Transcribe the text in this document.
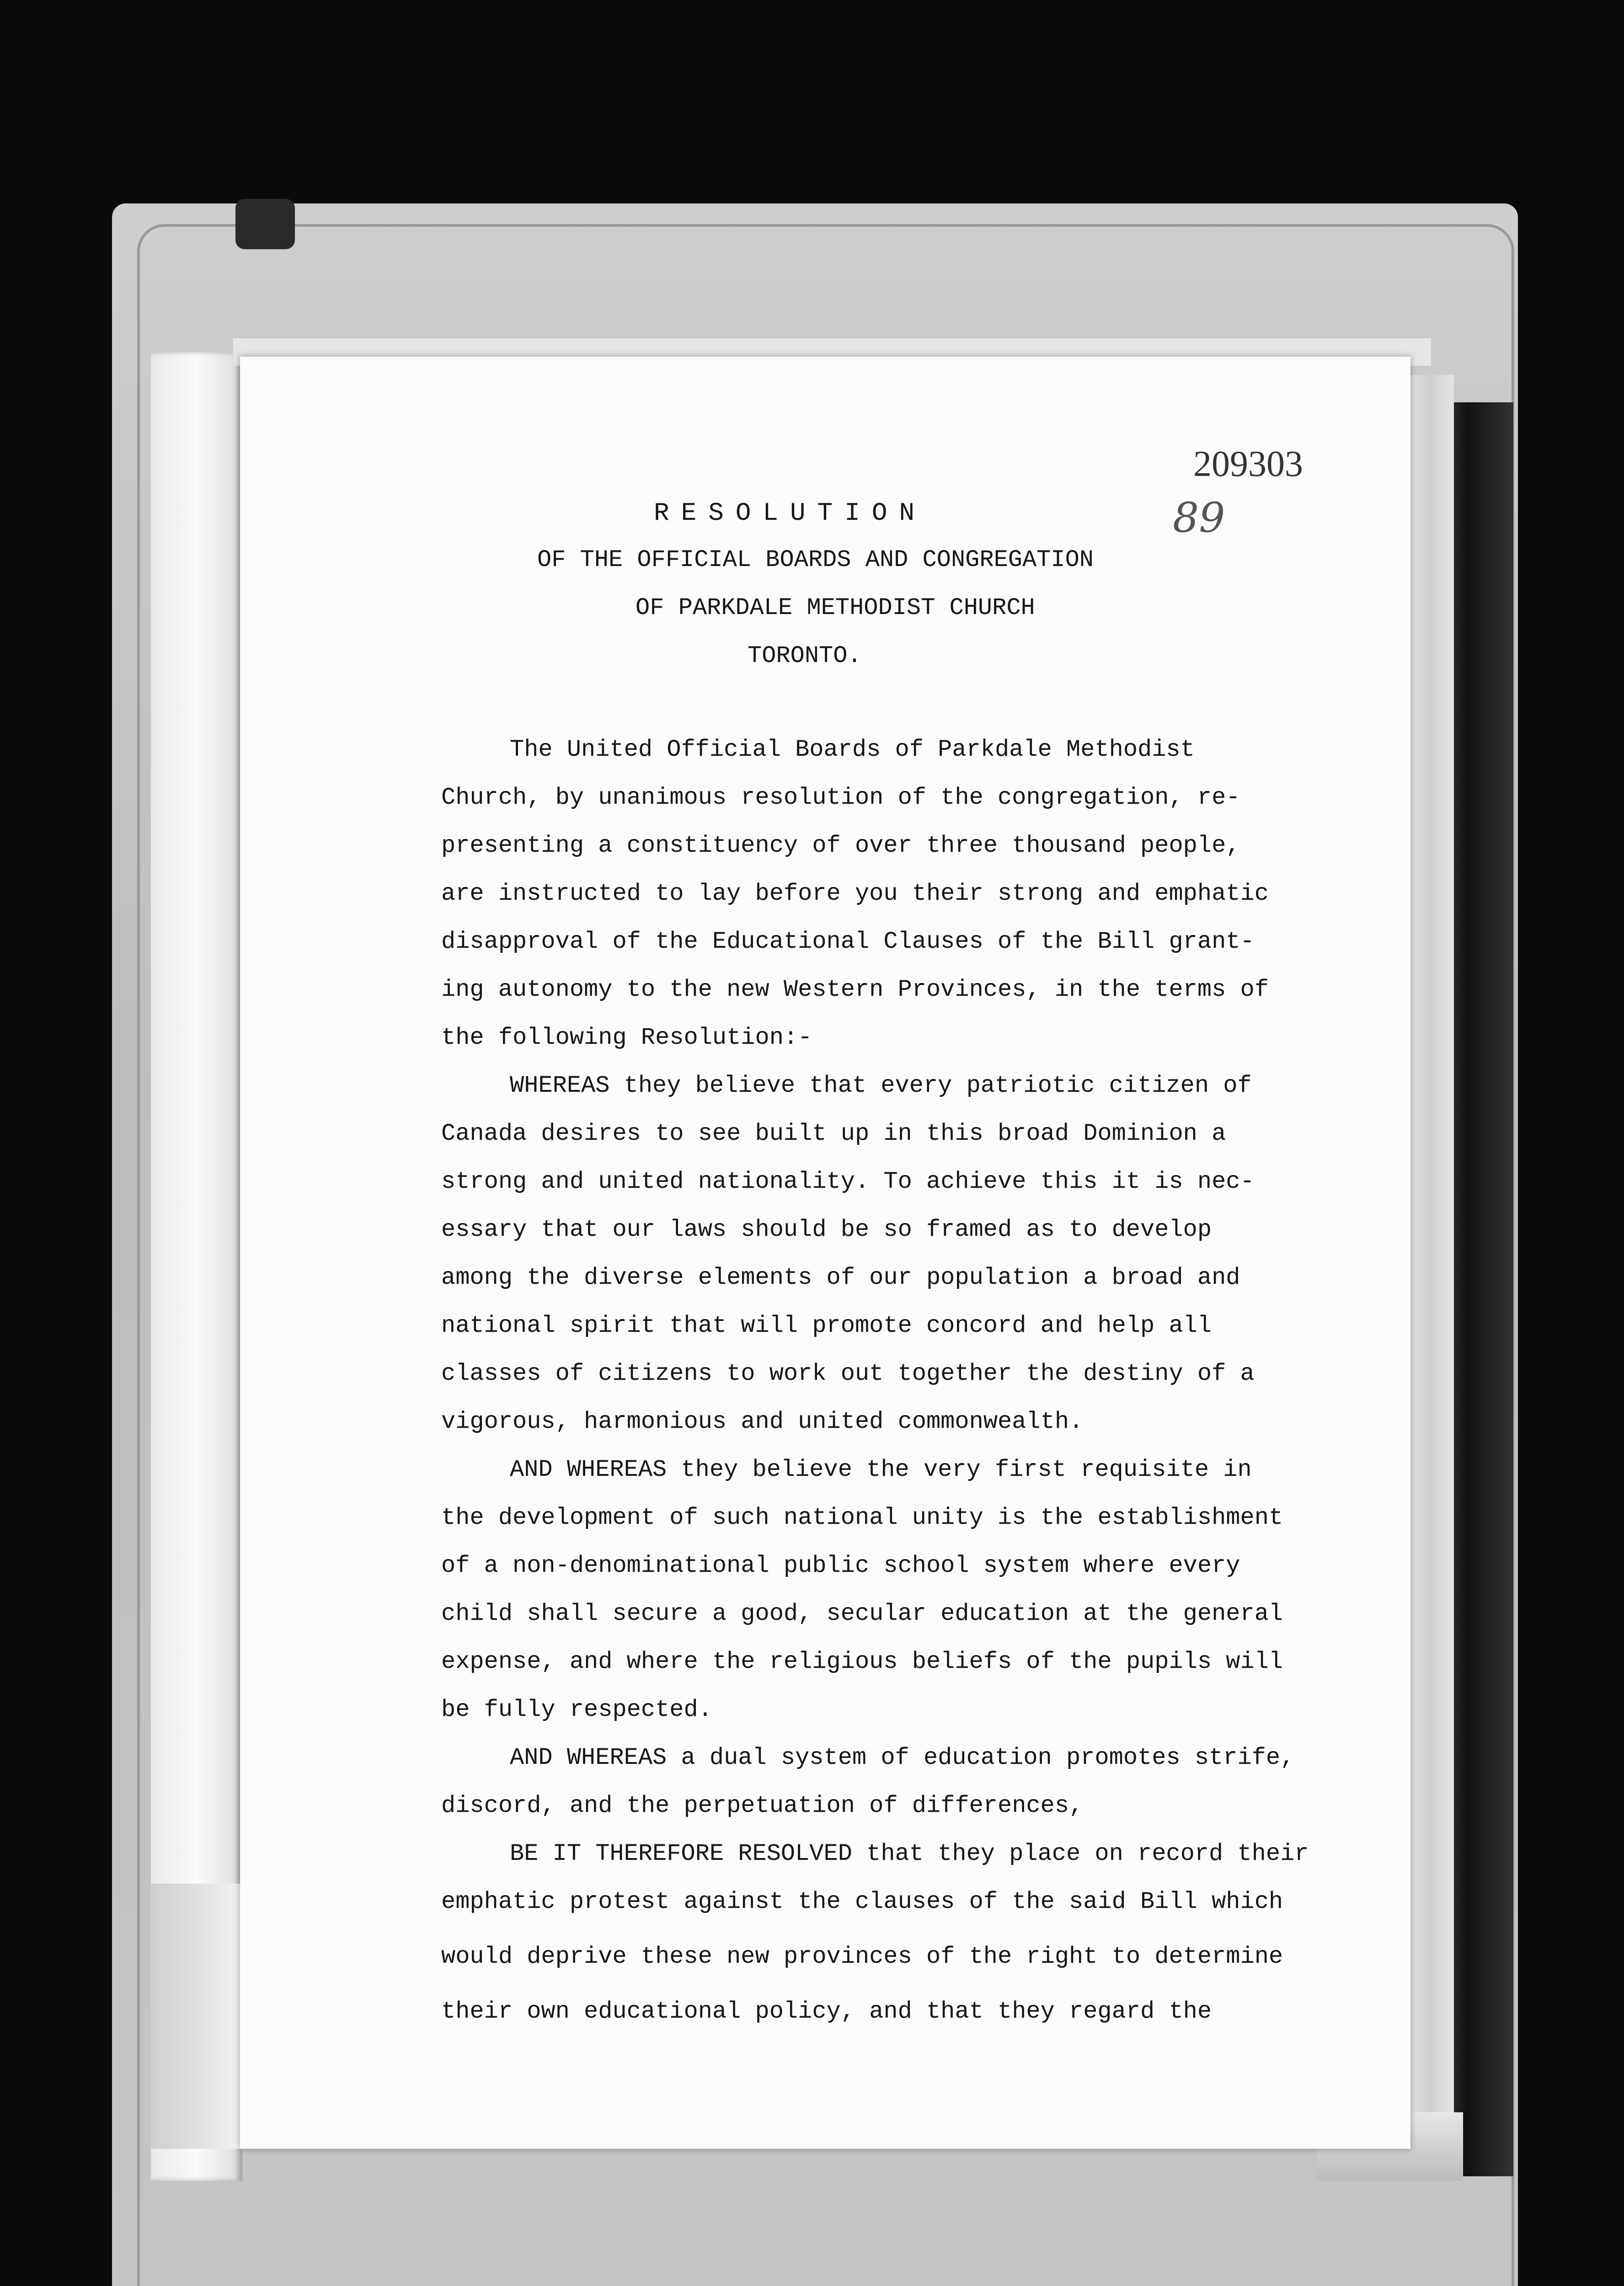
209303
89
RESOLUTION
OF THE OFFICIAL BOARDS AND CONGREGATION
OF PARKDALE METHODIST CHURCH
TORONTO.
The United Official Boards of Parkdale Methodist
Church, by unanimous resolution of the congregation, re-
presenting a constituency of over three thousand people,
are instructed to lay before you their strong and emphatic
disapproval of the Educational Clauses of the Bill grant-
ing autonomy to the new Western Provinces, in the terms of
the following Resolution:-
WHEREAS they believe that every patriotic citizen of
Canada desires to see built up in this broad Dominion a
strong and united nationality. To achieve this it is nec-
essary that our laws should be so framed as to develop
among the diverse elements of our population a broad and
national spirit that will promote concord and help all
classes of citizens to work out together the destiny of a
vigorous, harmonious and united commonwealth.
AND WHEREAS they believe the very first requisite in
the development of such national unity is the establishment
of a non-denominational public school system where every
child shall secure a good, secular education at the general
expense, and where the religious beliefs of the pupils will
be fully respected.
AND WHEREAS a dual system of education promotes strife,
discord, and the perpetuation of differences,
BE IT THEREFORE RESOLVED that they place on record their
emphatic protest against the clauses of the said Bill which
would deprive these new provinces of the right to determine
their own educational policy, and that they regard the
